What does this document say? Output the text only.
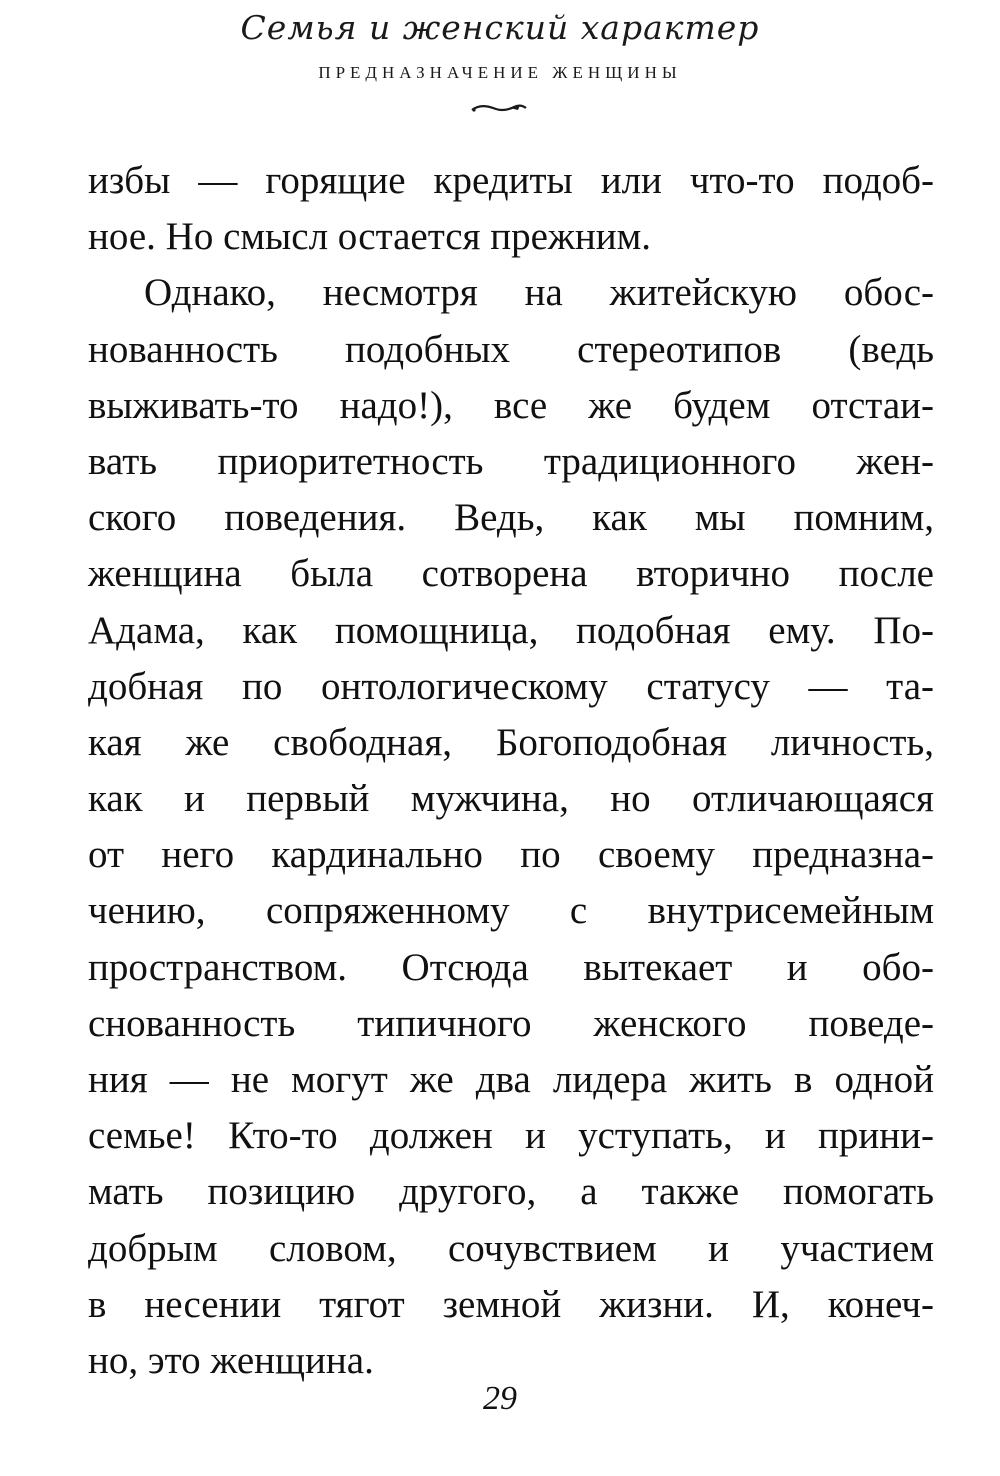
Семья и женский характер
ПРЕДНАЗНАЧЕНИЕ ЖЕНЩИНЫ
избы — горящие кредиты или что-то подоб-
ное. Но смысл остается прежним.
Однако, несмотря на житейскую обос-
нованность подобных стереотипов (ведь
выживать-то надо!), все же будем отстаи-
вать приоритетность традиционного жен-
ского поведения. Ведь, как мы помним,
женщина была сотворена вторично после
Адама, как помощница, подобная ему. По-
добная по онтологическому статусу — та-
кая же свободная, Богоподобная личность,
как и первый мужчина, но отличающаяся
от него кардинально по своему предназна-
чению, сопряженному с внутрисемейным
пространством. Отсюда вытекает и обо-
снованность типичного женского поведе-
ния — не могут же два лидера жить в одной
семье! Кто-то должен и уступать, и прини-
мать позицию другого, а также помогать
добрым словом, сочувствием и участием
в несении тягот земной жизни. И, конеч-
но, это женщина.
29
